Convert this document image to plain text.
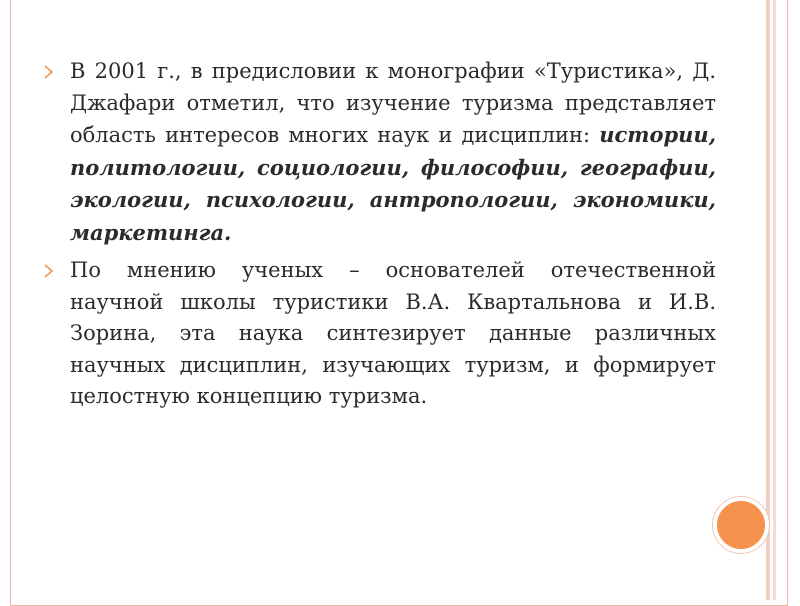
В 2001 г., в предисловии к монографии «Туристика», Д. Джафари отметил, что изучение туризма представляет область интересов многих наук и дисциплин: истории, политологии, социологии, философии, географии, экологии, психологии, антропологии, экономики, маркетинга.

По мнению ученых – основателей отечественной научной школы туристики В.А. Квартальнова и И.В. Зорина, эта наука синтезирует данные различных научных дисциплин, изучающих туризм, и формирует целостную концепцию туризма.
